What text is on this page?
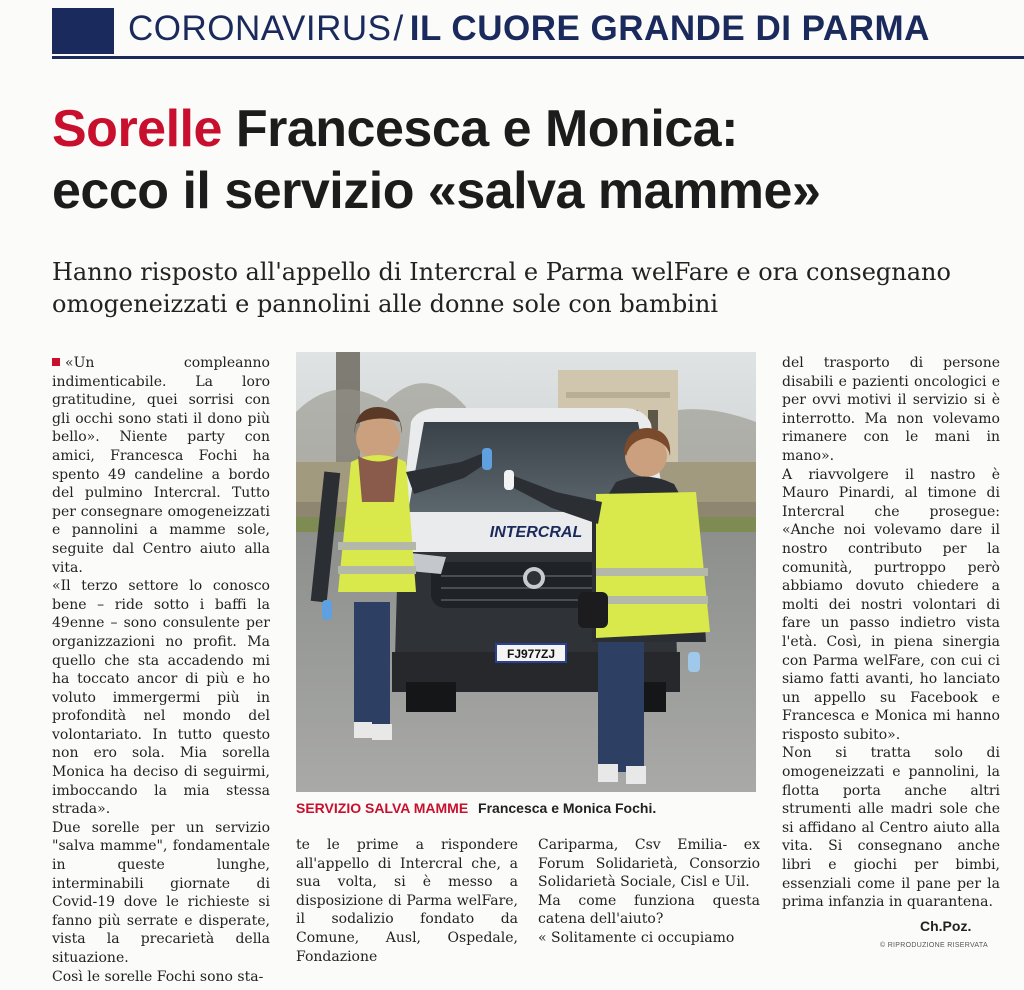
CORONAVIRUS / IL CUORE GRANDE DI PARMA
Sorelle Francesca e Monica:
ecco il servizio «salva mamme»

Hanno risposto all'appello di Intercral e Parma welFare e ora consegnano omogeneizzati e pannolini alle donne sole con bambini

«Un compleanno indimenticabile. La loro gratitudine, quei sorrisi con gli occhi sono stati il dono più bello». Niente party con amici, Francesca Fochi ha spento 49 candeline a bordo del pulmino Intercral. Tutto per consegnare omogeneizzati e pannolini a mamme sole, seguite dal Centro aiuto alla vita.

«Il terzo settore lo conosco bene – ride sotto i baffi la 49enne – sono consulente per organizzazioni no profit. Ma quello che sta accadendo mi ha toccato ancor di più e ho voluto immergermi più in profondità nel mondo del volontariato. In tutto questo non ero sola. Mia sorella Monica ha deciso di seguirmi, imboccando la mia stessa strada».

Due sorelle per un servizio "salva mamme", fondamentale in queste lunghe, interminabili giornate di Covid-19 dove le richieste si fanno più serrate e disperate, vista la precarietà della situazione.

Così le sorelle Fochi sono sta-

INTERCRAL
FJ977ZJ
SERVIZIO SALVA MAMME Francesca e Monica Fochi.

te le prime a rispondere all'appello di Intercral che, a sua volta, si è messo a disposizione di Parma welFare, il sodalizio fondato da Comune, Ausl, Ospedale, Fondazione

Cariparma, Csv Emilia- ex Forum Solidarietà, Consorzio Solidarietà Sociale, Cisl e Uil.

Ma come funziona questa catena dell'aiuto?

« Solitamente ci occupiamo

del trasporto di persone disabili e pazienti oncologici e per ovvi motivi il servizio si è interrotto. Ma non volevamo rimanere con le mani in mano».

A riavvolgere il nastro è Mauro Pinardi, al timone di Intercral che prosegue: «Anche noi volevamo dare il nostro contributo per la comunità, purtroppo però abbiamo dovuto chiedere a molti dei nostri volontari di fare un passo indietro vista l'età. Così, in piena sinergia con Parma welFare, con cui ci siamo fatti avanti, ho lanciato un appello su Facebook e Francesca e Monica mi hanno risposto subito».

Non si tratta solo di omogeneizzati e pannolini, la flotta porta anche altri strumenti alle madri sole che si affidano al Centro aiuto alla vita. Si consegnano anche libri e giochi per bimbi, essenziali come il pane per la prima infanzia in quarantena.

Ch.Poz.
© RIPRODUZIONE RISERVATA
